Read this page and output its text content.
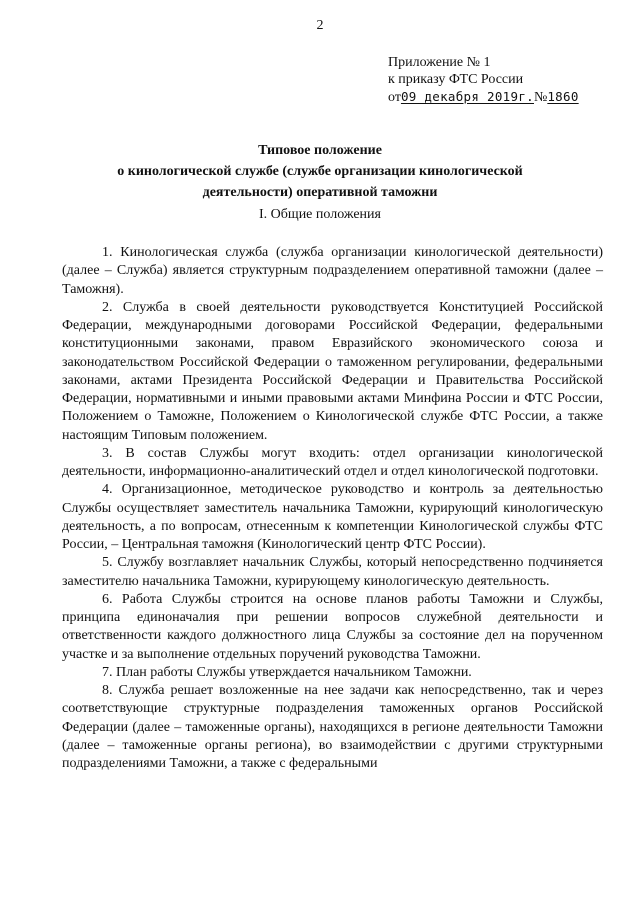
2
Приложение № 1
к приказу ФТС России
от09 декабря 2019г.№1860
Типовое положение
о кинологической службе (службе организации кинологической
деятельности) оперативной таможни
I. Общие положения

1. Кинологическая служба (служба организации кинологической деятельности) (далее – Служба) является структурным подразделением оперативной таможни (далее – Таможня).

2. Служба в своей деятельности руководствуется Конституцией Российской Федерации, международными договорами Российской Федерации, федеральными конституционными законами, правом Евразийского экономического союза и законодательством Российской Федерации о таможенном регулировании, федеральными законами, актами Президента Российской Федерации и Правительства Российской Федерации, нормативными и иными правовыми актами Минфина России и ФТС России, Положением о Таможне, Положением о Кинологической службе ФТС России, а также настоящим Типовым положением.

3. В состав Службы могут входить: отдел организации кинологической деятельности, информационно-аналитический отдел и отдел кинологической подготовки.

4. Организационное, методическое руководство и контроль за деятельностью Службы осуществляет заместитель начальника Таможни, курирующий кинологическую деятельность, а по вопросам, отнесенным к компетенции Кинологической службы ФТС России, – Центральная таможня (Кинологический центр ФТС России).

5. Службу возглавляет начальник Службы, который непосредственно подчиняется заместителю начальника Таможни, курирующему кинологическую деятельность.

6. Работа Службы строится на основе планов работы Таможни и Службы, принципа единоначалия при решении вопросов служебной деятельности и ответственности каждого должностного лица Службы за состояние дел на порученном участке и за выполнение отдельных поручений руководства Таможни.

7. План работы Службы утверждается начальником Таможни.

8. Служба решает возложенные на нее задачи как непосредственно, так и через соответствующие структурные подразделения таможенных органов Российской Федерации (далее – таможенные органы), находящихся в регионе деятельности Таможни (далее – таможенные органы региона), во взаимодействии с другими структурными подразделениями Таможни, а также с федеральными
